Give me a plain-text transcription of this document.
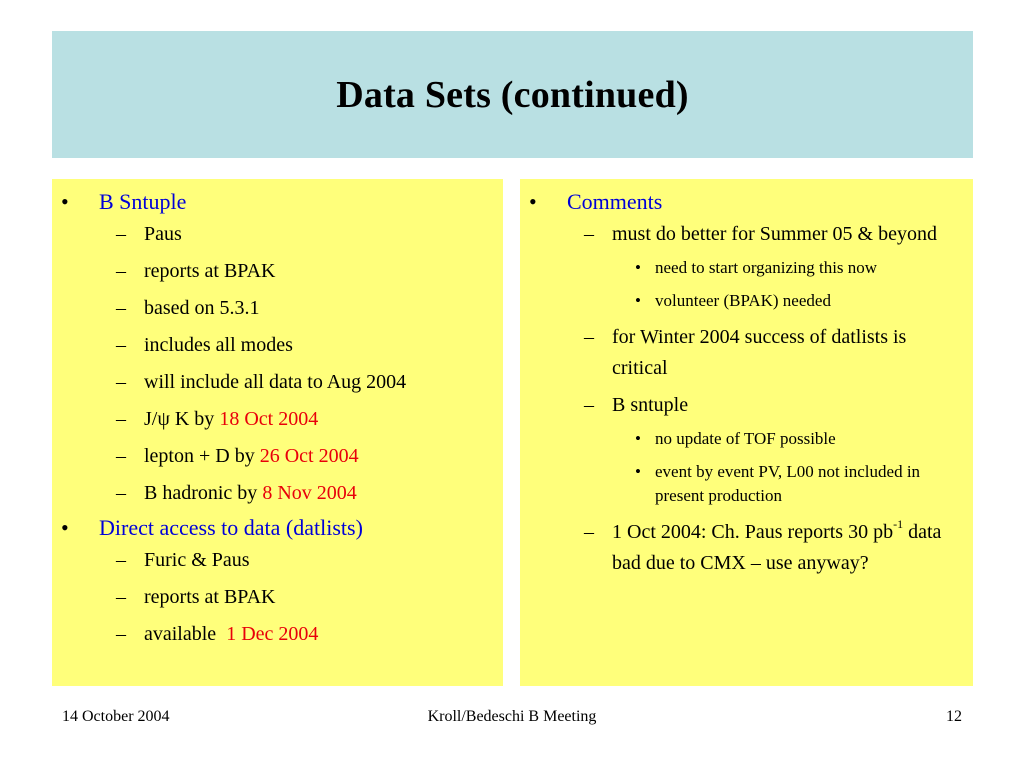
Data Sets (continued)
• B Sntuple
– Paus
– reports at BPAK
– based on 5.3.1
– includes all modes
– will include all data to Aug 2004
– J/ψ K by 18 Oct 2004
– lepton + D by 26 Oct 2004
– B hadronic by 8 Nov 2004
• Direct access to data (datlists)
– Furic & Paus
– reports at BPAK
– available  1 Dec 2004
• Comments
– must do better for Summer 05 & beyond
• need to start organizing this now
• volunteer (BPAK) needed
– for Winter 2004 success of datlists is critical
– B sntuple
• no update of TOF possible
• event by event PV, L00 not included in present production
– 1 Oct 2004: Ch. Paus reports 30 $pb^{-1}$ data bad due to CMX – use anyway?
14 October 2004	Kroll/Bedeschi B Meeting	12
